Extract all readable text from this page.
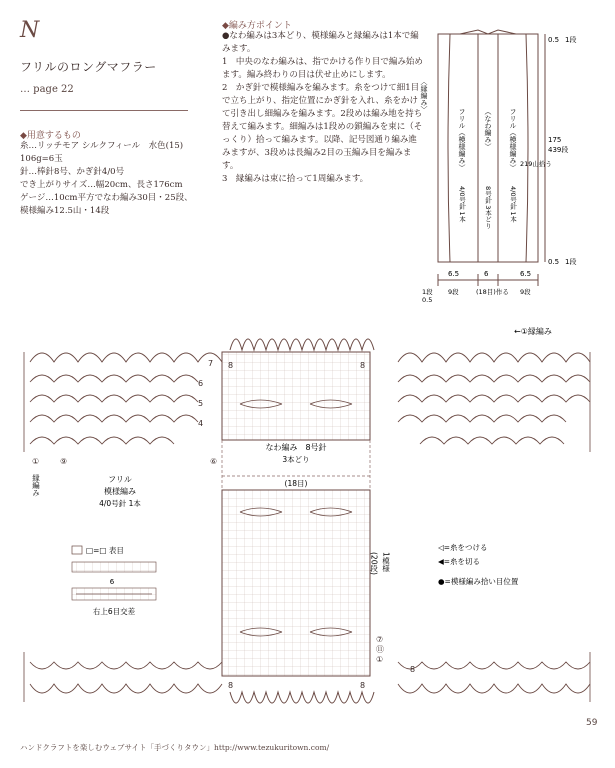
N
フリルのロングマフラー
… page 22
◆用意するもの
糸…リッチモア シルクフィール　水色(15)
106g=6玉
針…棒針8号、かぎ針4/0号
でき上がりサイズ…幅20cm、長さ176cm
ゲージ…10cm平方でなわ編み30目・25段、
模様編み12.5山・14段
◆編み方ポイント

●なわ編みは3本どり、模様編みと縁編みは1本で編みます。

1　中央のなわ編みは、指でかける作り目で編み始めます。編み終わりの目は伏せ止めにします。

2　かぎ針で模様編みを編みます。糸をつけて細1目で立ち上がり、指定位置にかぎ針を入れ、糸をかけて引き出し細編みを編みます。2段めは編み地を持ち替えて編みます。細編みは1段めの鎖編みを束に（そっくり）拾って編みます。以降、記号図通り編み進みますが、3段めは長編み2目の玉編み目を編みます。

3　縁編みは束に拾って1周編みます。

〈縁編み〉
フリル（模様編み）	（なわ編み） フリル（模様編み）
4/0号針 1本	8号針 3本どり	4/0号針 1本
0.5 1段
175
439段
219山拾う
0.5 1段
6.5	6	6.5
9段	(18目)作る 9段
0.5
1段
7
6
5
4
8	8
8	8
8
①	⑨	⑥
⑦
⑪
①
←①縁編み
縁編み	フリル
模様編み
4/0号針 1本
なわ編み　8号針
3本どり
(18目)
(20段) 1模様
□=□ 表目
6
右上6目交差
◁=糸をつける
◀=糸を切る
●=模様編み拾い目位置
59
ハンドクラフトを楽しむウェブサイト「手づくりタウン」http://www.tezukuritown.com/
